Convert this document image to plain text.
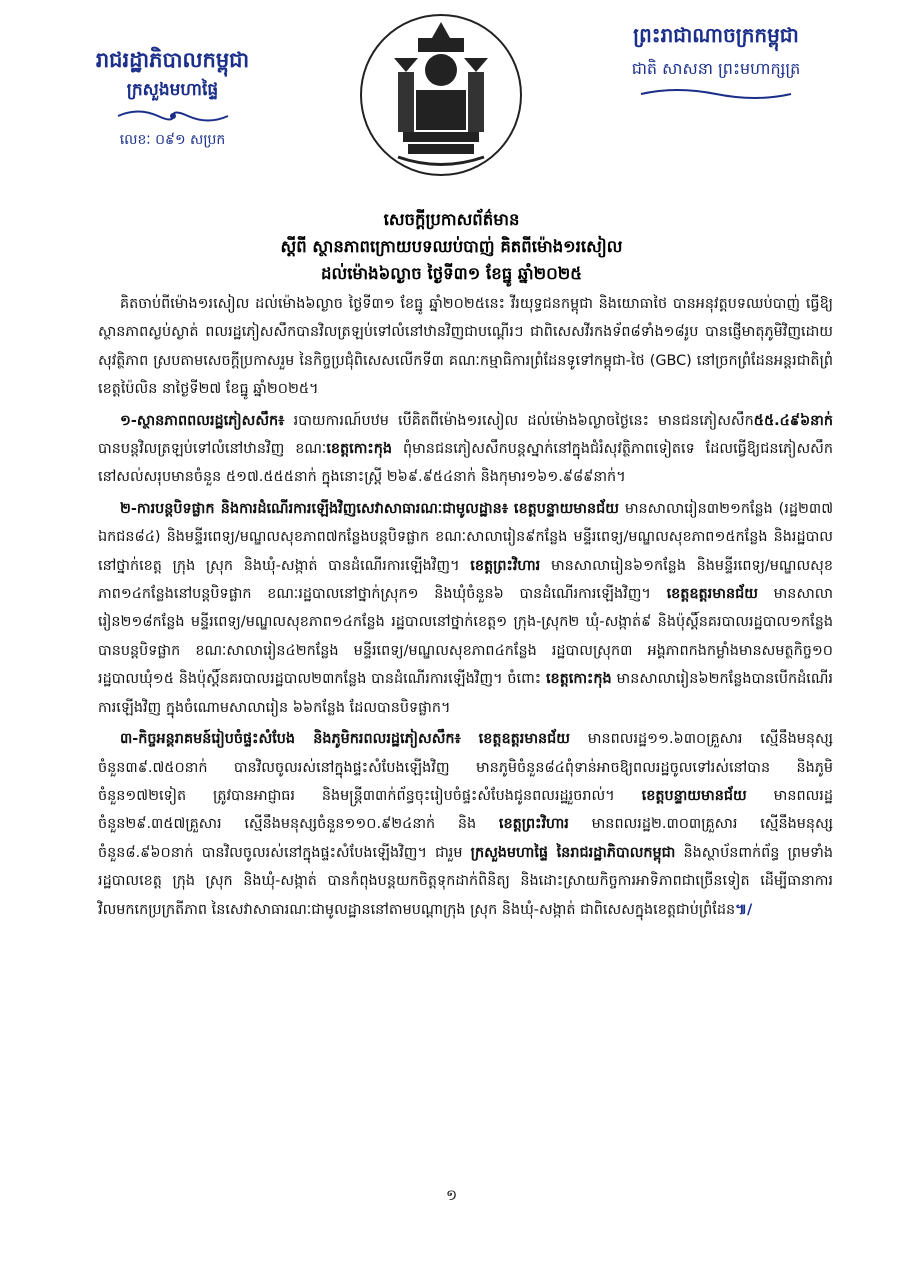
រាជរដ្ឋាភិបាលកម្ពុជា
ក្រសួងមហាផ្ទៃ
លេខៈ ០៩១ សប្រក
ព្រះរាជាណាចក្រកម្ពុជា
ជាតិ សាសនា ព្រះមហាក្សត្រ
សេចក្តីប្រកាសព័ត៌មាន
ស្តីពី ស្ថានភាពក្រោយបទឈប់បាញ់ គិតពីម៉ោង១រសៀល
ដល់ម៉ោង៦ល្ងាច ថ្ងៃទី៣១ ខែធ្នូ ឆ្នាំ២០២៥

គិតចាប់ពីម៉ោង១រសៀល ដល់ម៉ោង៦ល្ងាច ថ្ងៃទី៣១ ខែធ្នូ ឆ្នាំ២០២៥នេះ វីរយុទ្ធជនកម្ពុជា និងយោធាថៃ បានអនុវត្តបទឈប់បាញ់ ធ្វើឱ្យស្ថានភាពស្ងប់ស្ងាត់ ពលរដ្ឋភៀសសឹកបានវិលត្រឡប់ទៅលំនៅឋានវិញជាបណ្តើរៗ ជាពិសេសវីរកងទ័ព៨ទាំង១៨រូប បានផ្ញើមាតុភូមិវិញដោយសុវត្ថិភាព ស្របតាមសេចក្តីប្រកាសរួម នៃកិច្ចប្រជុំពិសេសលើកទី៣ គណៈកម្មាធិការព្រំដែនទូទៅកម្ពុជា-ថៃ (GBC) នៅច្រកព្រំដែនអន្តរជាតិព្រំ ខេត្តប៉ៃលិន នាថ្ងៃទី២៧ ខែធ្នូ ឆ្នាំ២០២៥។

១-ស្ថានភាពពលរដ្ឋភៀសសឹក៖ របាយការណ៍បឋម បើគិតពីម៉ោង១រសៀល ដល់ម៉ោង៦ល្ងាចថ្ងៃនេះ មានជនភៀសសឹក៥៥.៤៩៦នាក់ បានបន្តវិលត្រឡប់ទៅលំនៅឋានវិញ ខណៈខេត្តកោះកុង ពុំមានជនភៀសសឹកបន្តស្នាក់នៅក្នុងជំរំសុវត្ថិភាពទៀតទេ ដែលធ្វើឱ្យជនភៀសសឹកនៅសល់សរុបមានចំនួន ៥១៧.៥៥៥នាក់ ក្នុងនោះស្ត្រី ២៦៩.៩៥៤នាក់ និងកុមារ១៦១.៩៨៩នាក់។

២-ការបន្តបិទផ្លាក និងការដំណើរការឡើងវិញសេវាសាធារណៈជាមូលដ្ឋាន៖ ខេត្តបន្ទាយមានជ័យ មានសាលារៀន៣២១កន្លែង (រដ្ឋ២៣៧ ឯកជន៨៤) និងមន្ទីរពេទ្យ/មណ្ឌលសុខភាព៧កន្លែងបន្តបិទផ្លាក ខណៈសាលារៀន៩កន្លែង មន្ទីរពេទ្យ/មណ្ឌលសុខភាព១៥កន្លែង និងរដ្ឋបាលនៅថ្នាក់ខេត្ត ក្រុង ស្រុក និងឃុំ-សង្កាត់ បានដំណើរការឡើងវិញ។ ខេត្តព្រះវិហារ មានសាលារៀន៦១កន្លែង និងមន្ទីរពេទ្យ/មណ្ឌលសុខភាព១៤កន្លែងនៅបន្តបិទផ្លាក ខណៈរដ្ឋបាលនៅថ្នាក់ស្រុក១ និងឃុំចំនួន៦ បានដំណើរការឡើងវិញ។ ខេត្តឧត្តរមានជ័យ មានសាលារៀន២១៨កន្លែង មន្ទីរពេទ្យ/មណ្ឌលសុខភាព១៤កន្លែង រដ្ឋបាលនៅថ្នាក់ខេត្ត១ ក្រុង-ស្រុក២ ឃុំ-សង្កាត់៩ និងប៉ុស្តិ៍នគរបាលរដ្ឋបាល១កន្លែងបានបន្តបិទផ្លាក ខណៈសាលារៀន៤២កន្លែង មន្ទីរពេទ្យ/មណ្ឌលសុខភាព៤កន្លែង រដ្ឋបាលស្រុក៣ អង្គភាពកងកម្លាំងមានសមត្ថកិច្ច១០ រដ្ឋបាលឃុំ១៥ និងប៉ុស្តិ៍នគរបាលរដ្ឋបាល២៣កន្លែង បានដំណើរការឡើងវិញ។ ចំពោះ ខេត្តកោះកុង មានសាលារៀន៦២កន្លែងបានបើកដំណើរការឡើងវិញ ក្នុងចំណោមសាលារៀន ៦៦កន្លែង ដែលបានបិទផ្លាក។

៣-កិច្ចអន្តរាគមន៍រៀបចំផ្ទះសំបែង និងភូមិករពលរដ្ឋភៀសសឹក៖ ខេត្តឧត្តរមានជ័យ មានពលរដ្ឋ១១.៦៣០គ្រួសារ ស្មើនឹងមនុស្សចំនួន៣៩.៧៥០នាក់ បានវិលចូលរស់នៅក្នុងផ្ទះសំបែងឡើងវិញ មានភូមិចំនួន៨៤ពុំទាន់អាចឱ្យពលរដ្ឋចូលទៅរស់នៅបាន និងភូមិចំនួន១៧២ទៀត ត្រូវបានអាជ្ញាធរ និងមន្ត្រី៣៣ក់ព័ន្ធចុះរៀបចំផ្ទះសំបែងជូនពលរដ្ឋរួចរាល់។ ខេត្តបន្ទាយមានជ័យ មានពលរដ្ឋចំនួន២៩.៣៥៧គ្រួសារ ស្មើនឹងមនុស្សចំនួន១១០.៩២៤នាក់ និង ខេត្តព្រះវិហារ មានពលរដ្ឋ២.៣០៣គ្រួសារ ស្មើនឹងមនុស្សចំនួន៨.៩៦០នាក់ បានវិលចូលរស់នៅក្នុងផ្ទះសំបែងឡើងវិញ។ ជារួម ក្រសួងមហាផ្ទៃ នៃរាជរដ្ឋាភិបាលកម្ពុជា និងស្ថាប័នពាក់ព័ន្ធ ព្រមទាំងរដ្ឋបាលខេត្ត ក្រុង ស្រុក និងឃុំ-សង្កាត់ បានកំពុងបន្តយកចិត្តទុកដាក់ពិនិត្យ និងដោះស្រាយកិច្ចការអាទិភាពជាច្រើនទៀត ដើម្បីធានាការវិលមកកេប្រក្រតីភាព នៃសេវាសាធារណៈជាមូលដ្ឋាននៅតាមបណ្តាក្រុង ស្រុក និងឃុំ-សង្កាត់ ជាពិសេសក្នុងខេត្តជាប់ព្រំដែន៕/

១
